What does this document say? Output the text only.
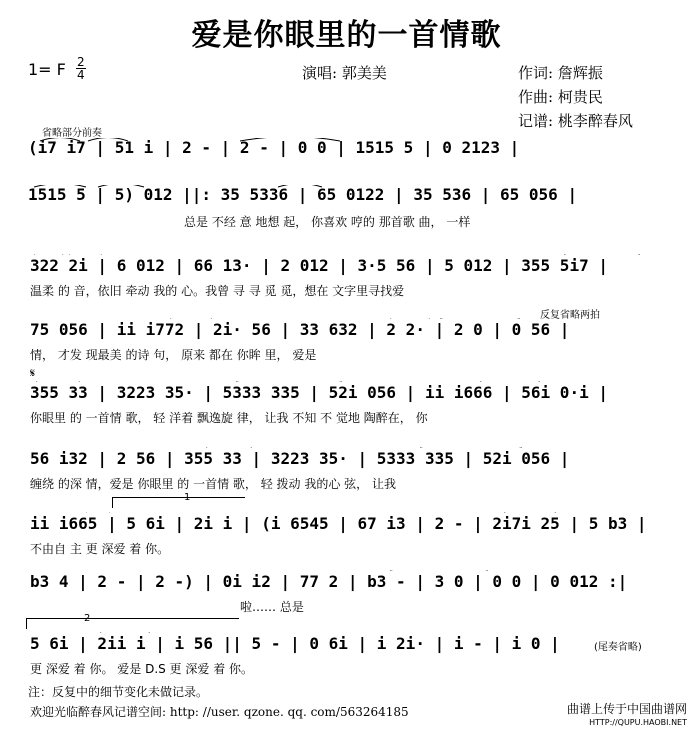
爱是你眼里的一首情歌
1= F 2
4	演唱: 郭美美	作词: 詹辉振
作曲: 柯贵民
记谱: 桃李醉春风
省略部分前奏
(i7 i7 | 51 i | 2 - | 2 - | 0 0 | 1515 5 | 0 2123 |
1515 5 | 5) 012 ||: 35 5336 | 65 0122 | 35 536 | 65 056 |
总是 不经 意 地想 起， 你喜欢 哼的 那首歌 曲， 一样
322 2i | 6 012 | 66 13· | 2 012 | 3·5 56 | 5 012 | 355 5i7 |
温柔 的 音，依旧 牵动 我的 心。我曾 寻 寻 觅 觅，想在 文字里寻找爱
反复省略两拍
75 056 | ii i772 | 2i· 56 | 33 632 | 2 2· | 2 0 | 0 56 |
情， 才发 现最美 的诗 句， 原来 都在 你眸 里， 爱是
𝄋
355 33 | 3223 35· | 5333 335 | 52i 056 | ii i666 | 56i 0·i |
你眼里 的 一首情 歌， 轻 洋着 飘逸旋 律， 让我 不知 不 觉地 陶醉在， 你
56 i32 | 2 56 | 355 33 | 3223 35· | 5333 335 | 52i 056 |
缠绕 的深 情，爱是 你眼里 的 一首情 歌， 轻 拨动 我的心 弦， 让我
1
ii i665 | 5 6i | 2i i | (i 6545 | 67 i3 | 2 - | 2i7i 25 | 5 b3 |
不由自 主 更 深爱 着 你。
b3 4 | 2 - | 2 -) | 0i i2 | 77 2 | b3 - | 3 0 | 0 0 | 0 012 :|
啦…… 总是
2
5 6i | 2ii i | i 56 || 5 - | 0 6i | i 2i· | i - | i 0 |
更 深爱 着 你。 爱是 D.S 更 深爱 着 你。
(尾奏省略)
注：反复中的细节变化未做记录。
欢迎光临醉春风记谱空间: http: //user. qzone. qq. com/563264185	曲谱上传于中国曲谱网
HTTP://QUPU.HAOBI.NET
